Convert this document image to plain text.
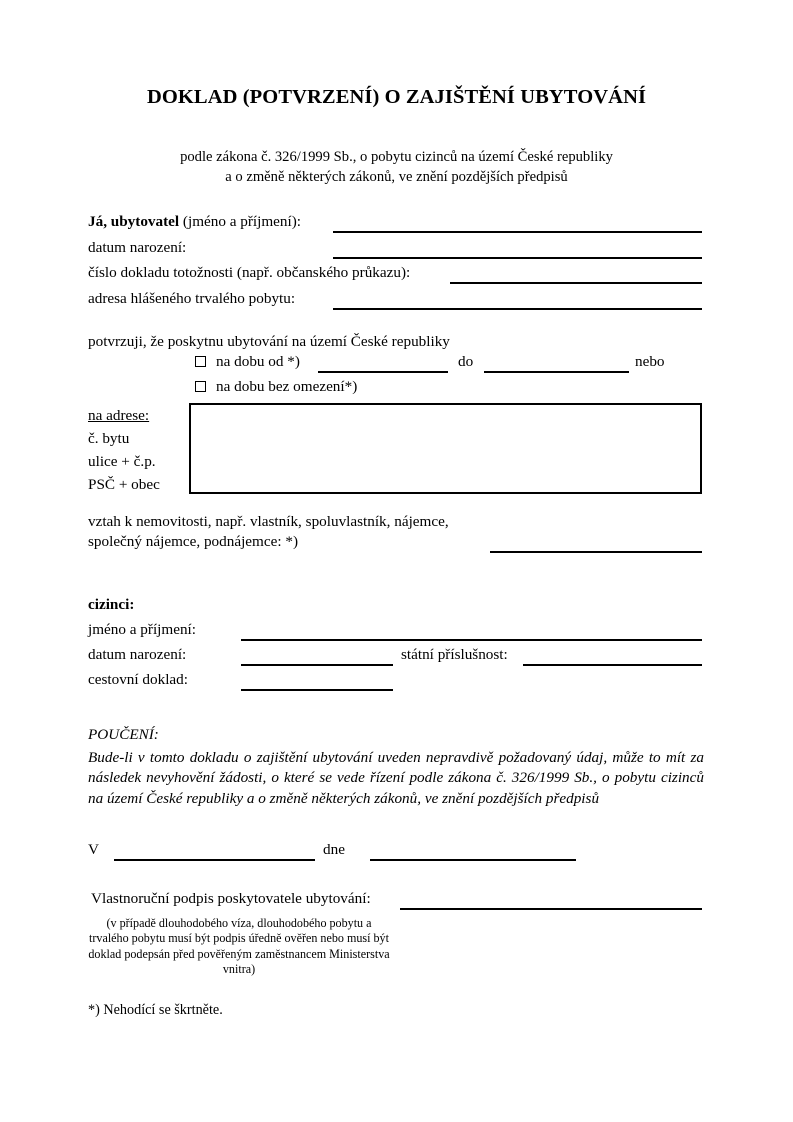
DOKLAD (POTVRZENÍ) O ZAJIŠTĚNÍ UBYTOVÁNÍ
podle zákona č. 326/1999 Sb., o pobytu cizinců na území České republiky
a o změně některých zákonů, ve znění pozdějších předpisů
Já, ubytovatel (jméno a příjmení):
datum narození:
číslo dokladu totožnosti (např. občanského průkazu):
adresa hlášeného trvalého pobytu:
potvrzuji, že poskytnu ubytování na území České republiky
na dobu od *)	do	nebo
na dobu bez omezení*)
na adrese:
č. bytu
ulice + č.p.
PSČ + obec
vztah k nemovitosti, např. vlastník, spoluvlastník, nájemce,
společný nájemce, podnájemce: *)
cizinci:
jméno a příjmení:
datum narození:	státní příslušnost:
cestovní doklad:
POUČENÍ:
Bude-li v tomto dokladu o zajištění ubytování uveden nepravdivě požadovaný údaj, může to mít za následek nevyhovění žádosti, o které se vede řízení podle zákona č. 326/1999 Sb., o pobytu cizinců na území České republiky a o změně některých zákonů, ve znění pozdějších předpisů
V	dne
Vlastnoruční podpis poskytovatele ubytování:
(v případě dlouhodobého víza, dlouhodobého pobytu a trvalého pobytu musí být podpis úředně ověřen nebo musí být doklad podepsán před pověřeným zaměstnancem Ministerstva vnitra)
*) Nehodící se škrtněte.
